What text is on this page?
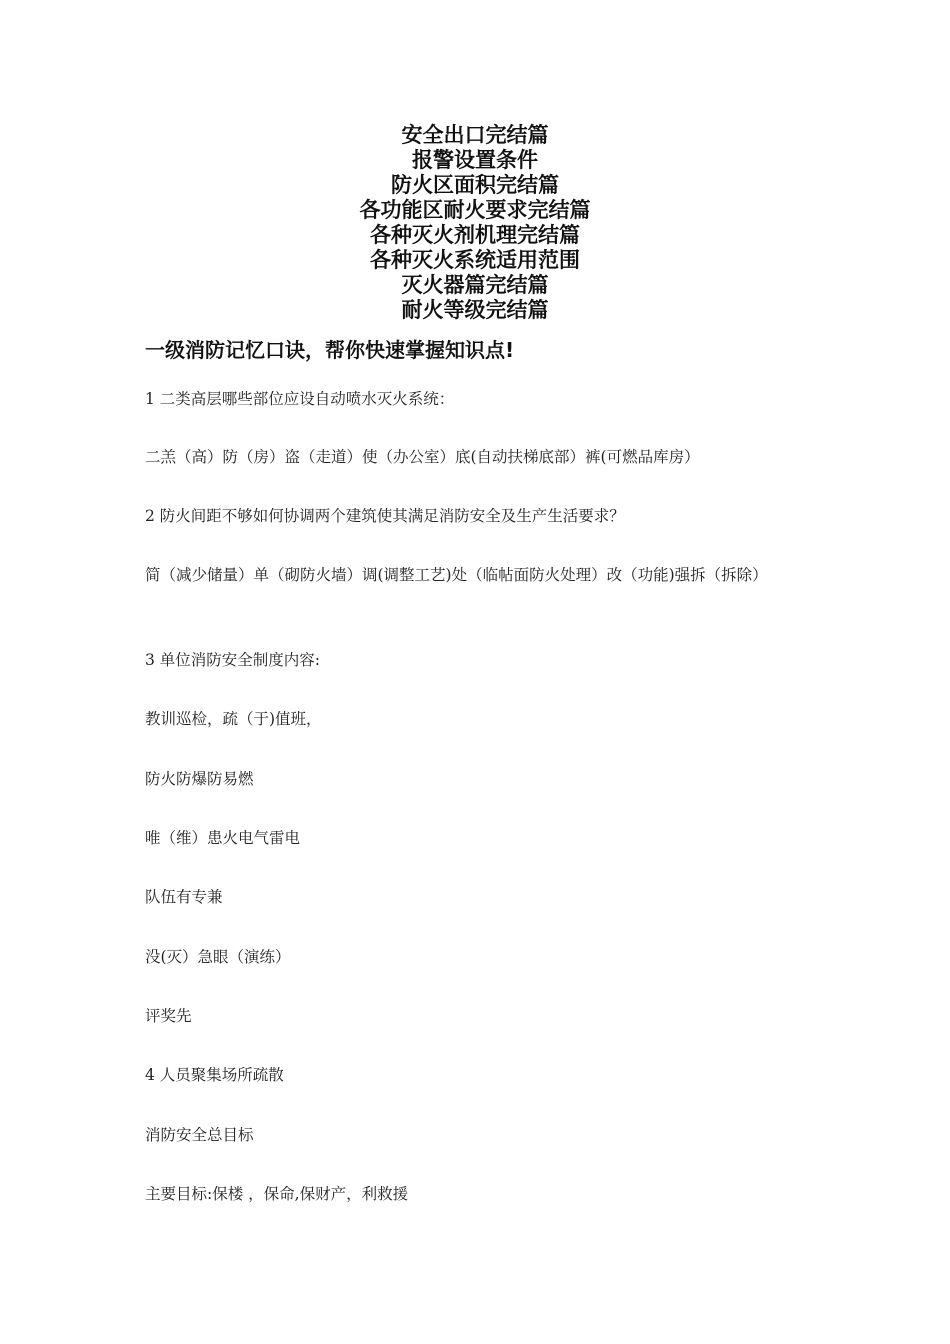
安全出口完结篇
报警设置条件
防火区面积完结篇
各功能区耐火要求完结篇
各种灭火剂机理完结篇
各种灭火系统适用范围
灭火器篇完结篇
耐火等级完结篇
一级消防记忆口诀，帮你快速掌握知识点!
1 二类高层哪些部位应设自动喷水灭火系统：
二羔（高）防（房）盗（走道）使（办公室）底(自动扶梯底部）裤(可燃品库房）
2 防火间距不够如何协调两个建筑使其满足消防安全及生产生活要求？
简（减少储量）单（砌防火墙）调(调整工艺)处（临帖面防火处理）改（功能)强拆（拆除）
3 单位消防安全制度内容:
教训巡检，疏（于)值班，
防火防爆防易燃
唯（维）患火电气雷电
队伍有专兼
没(灭）急眼（演练）
评奖先
4 人员聚集场所疏散
消防安全总目标
主要目标:保楼 ，保命,保财产，利救援
